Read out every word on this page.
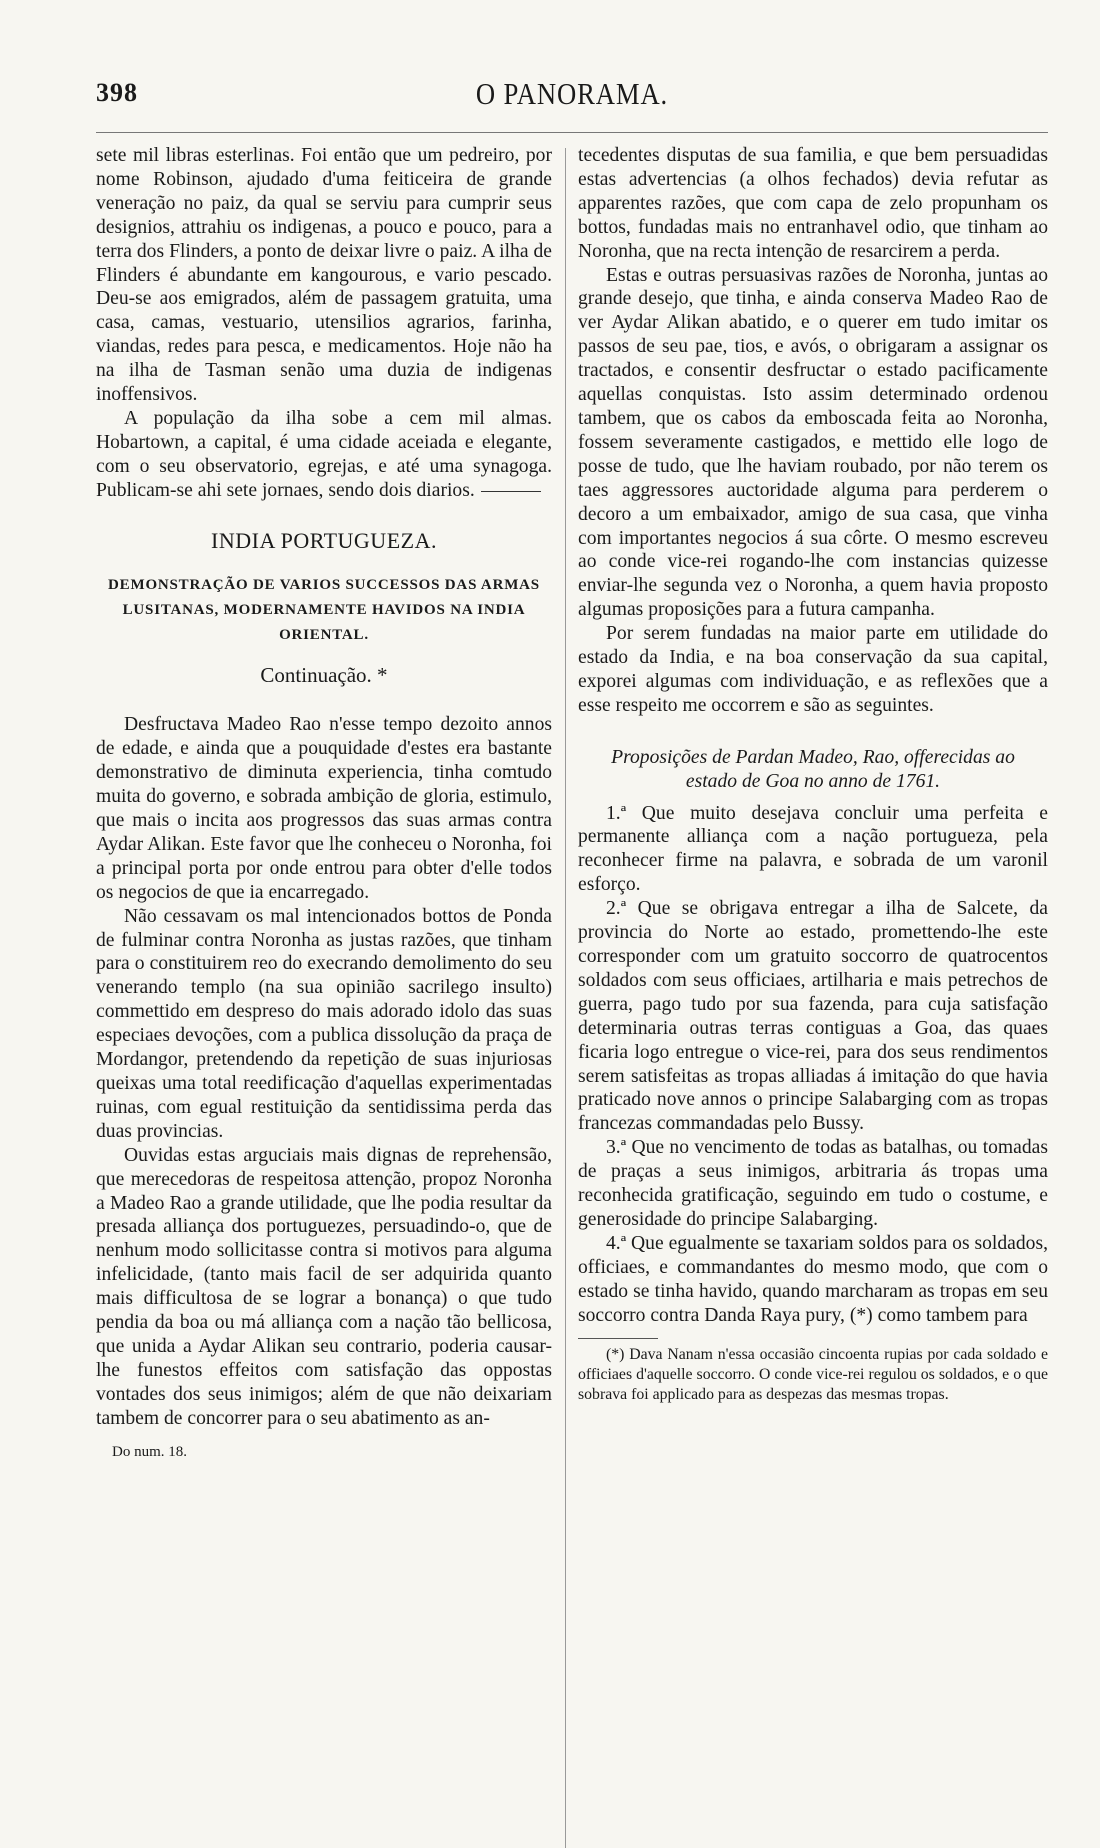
398	O PANORAMA.

sete mil libras esterlinas. Foi então que um pedreiro, por nome Robinson, ajudado d'uma feiticeira de grande veneração no paiz, da qual se serviu para cumprir seus designios, attrahiu os indigenas, a pouco e pouco, para a terra dos Flinders, a ponto de deixar livre o paiz. A ilha de Flinders é abundante em kangourous, e vario pescado. Deu-se aos emigrados, além de passagem gratuita, uma casa, camas, vestuario, utensilios agrarios, farinha, viandas, redes para pesca, e medicamentos. Hoje não ha na ilha de Tasman senão uma duzia de indigenas inoffensivos.

A população da ilha sobe a cem mil almas. Hobartown, a capital, é uma cidade aceiada e elegante, com o seu observatorio, egrejas, e até uma synagoga. Publicam-se ahi sete jornaes, sendo dois diarios.

INDIA PORTUGUEZA.

DEMONSTRAÇÃO DE VARIOS SUCCESSOS DAS ARMAS LUSITANAS, MODERNAMENTE HAVIDOS NA INDIA ORIENTAL.

Continuação. *

Desfructava Madeo Rao n'esse tempo dezoito annos de edade, e ainda que a pouquidade d'estes era bastante demonstrativo de diminuta experiencia, tinha comtudo muita do governo, e sobrada ambição de gloria, estimulo, que mais o incita aos progressos das suas armas contra Aydar Alikan. Este favor que lhe conheceu o Noronha, foi a principal porta por onde entrou para obter d'elle todos os negocios de que ia encarregado.

Não cessavam os mal intencionados bottos de Ponda de fulminar contra Noronha as justas razões, que tinham para o constituirem reo do execrando demolimento do seu venerando templo (na sua opinião sacrilego insulto) commettido em despreso do mais adorado idolo das suas especiaes devoções, com a publica dissolução da praça de Mordangor, pretendendo da repetição de suas injuriosas queixas uma total reedificação d'aquellas experimentadas ruinas, com egual restituição da sentidissima perda das duas provincias.

Ouvidas estas arguciais mais dignas de reprehensão, que merecedoras de respeitosa attenção, propoz Noronha a Madeo Rao a grande utilidade, que lhe podia resultar da presada alliança dos portuguezes, persuadindo-o, que de nenhum modo sollicitasse contra si motivos para alguma infelicidade, (tanto mais facil de ser adquirida quanto mais difficultosa de se lograr a bonança) o que tudo pendia da boa ou má alliança com a nação tão bellicosa, que unida a Aydar Alikan seu contrario, poderia causar-lhe funestos effeitos com satisfação das oppostas vontades dos seus inimigos; além de que não deixariam tambem de concorrer para o seu abatimento as an-

Do num. 18.

tecedentes disputas de sua familia, e que bem persuadidas estas advertencias (a olhos fechados) devia refutar as apparentes razões, que com capa de zelo propunham os bottos, fundadas mais no entranhavel odio, que tinham ao Noronha, que na recta intenção de resarcirem a perda.

Estas e outras persuasivas razões de Noronha, juntas ao grande desejo, que tinha, e ainda conserva Madeo Rao de ver Aydar Alikan abatido, e o querer em tudo imitar os passos de seu pae, tios, e avós, o obrigaram a assignar os tractados, e consentir desfructar o estado pacificamente aquellas conquistas. Isto assim determinado ordenou tambem, que os cabos da emboscada feita ao Noronha, fossem severamente castigados, e mettido elle logo de posse de tudo, que lhe haviam roubado, por não terem os taes aggressores auctoridade alguma para perderem o decoro a um embaixador, amigo de sua casa, que vinha com importantes negocios á sua côrte. O mesmo escreveu ao conde vice-rei rogando-lhe com instancias quizesse enviar-lhe segunda vez o Noronha, a quem havia proposto algumas proposições para a futura campanha.

Por serem fundadas na maior parte em utilidade do estado da India, e na boa conservação da sua capital, exporei algumas com individuação, e as reflexões que a esse respeito me occorrem e são as seguintes.

Proposições de Pardan Madeo, Rao, offerecidas ao estado de Goa no anno de 1761.

1.ª Que muito desejava concluir uma perfeita e permanente alliança com a nação portugueza, pela reconhecer firme na palavra, e sobrada de um varonil esforço.

2.ª Que se obrigava entregar a ilha de Salcete, da provincia do Norte ao estado, promettendo-lhe este corresponder com um gratuito soccorro de quatrocentos soldados com seus officiaes, artilharia e mais petrechos de guerra, pago tudo por sua fazenda, para cuja satisfação determinaria outras terras contiguas a Goa, das quaes ficaria logo entregue o vice-rei, para dos seus rendimentos serem satisfeitas as tropas alliadas á imitação do que havia praticado nove annos o principe Salabarging com as tropas francezas commandadas pelo Bussy.

3.ª Que no vencimento de todas as batalhas, ou tomadas de praças a seus inimigos, arbitraria ás tropas uma reconhecida gratificação, seguindo em tudo o costume, e generosidade do principe Salabarging.

4.ª Que egualmente se taxariam soldos para os soldados, officiaes, e commandantes do mesmo modo, que com o estado se tinha havido, quando marcharam as tropas em seu soccorro contra Danda Raya pury, (*) como tambem para

(*) Dava Nanam n'essa occasião cincoenta rupias por cada soldado e officiaes d'aquelle soccorro. O conde vice-rei regulou os soldados, e o que sobrava foi applicado para as despezas das mesmas tropas.
